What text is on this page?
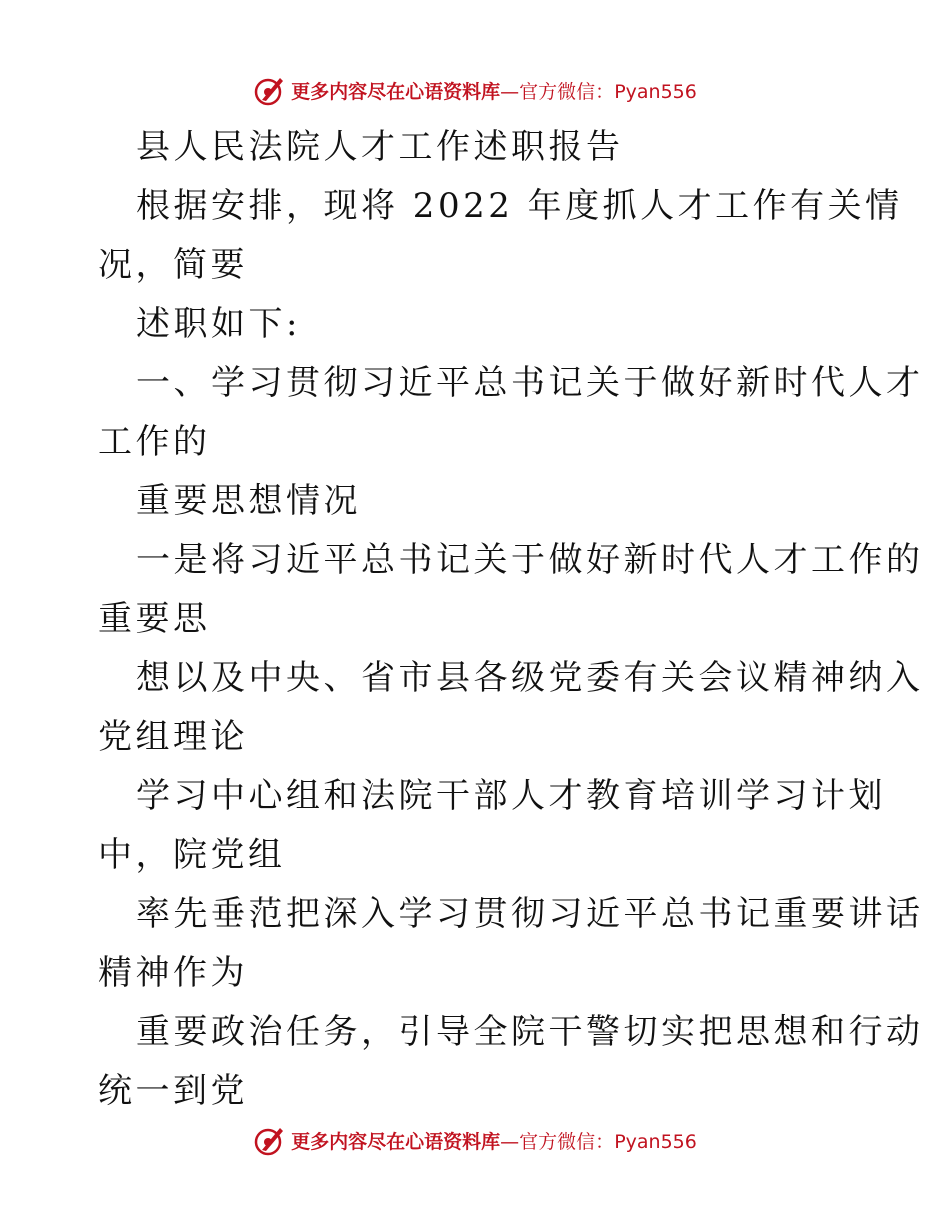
更多内容尽在心语资料库—官方微信：Pyan556
县人民法院人才工作述职报告
根据安排，现将 2022 年度抓人才工作有关情
况，简要
述职如下:
一、学习贯彻习近平总书记关于做好新时代人才
工作的
重要思想情况
一是将习近平总书记关于做好新时代人才工作的
重要思
想以及中央、省市县各级党委有关会议精神纳入
党组理论
学习中心组和法院干部人才教育培训学习计划
中，院党组
率先垂范把深入学习贯彻习近平总书记重要讲话
精神作为
重要政治任务，引导全院干警切实把思想和行动
统一到党
更多内容尽在心语资料库—官方微信：Pyan556
